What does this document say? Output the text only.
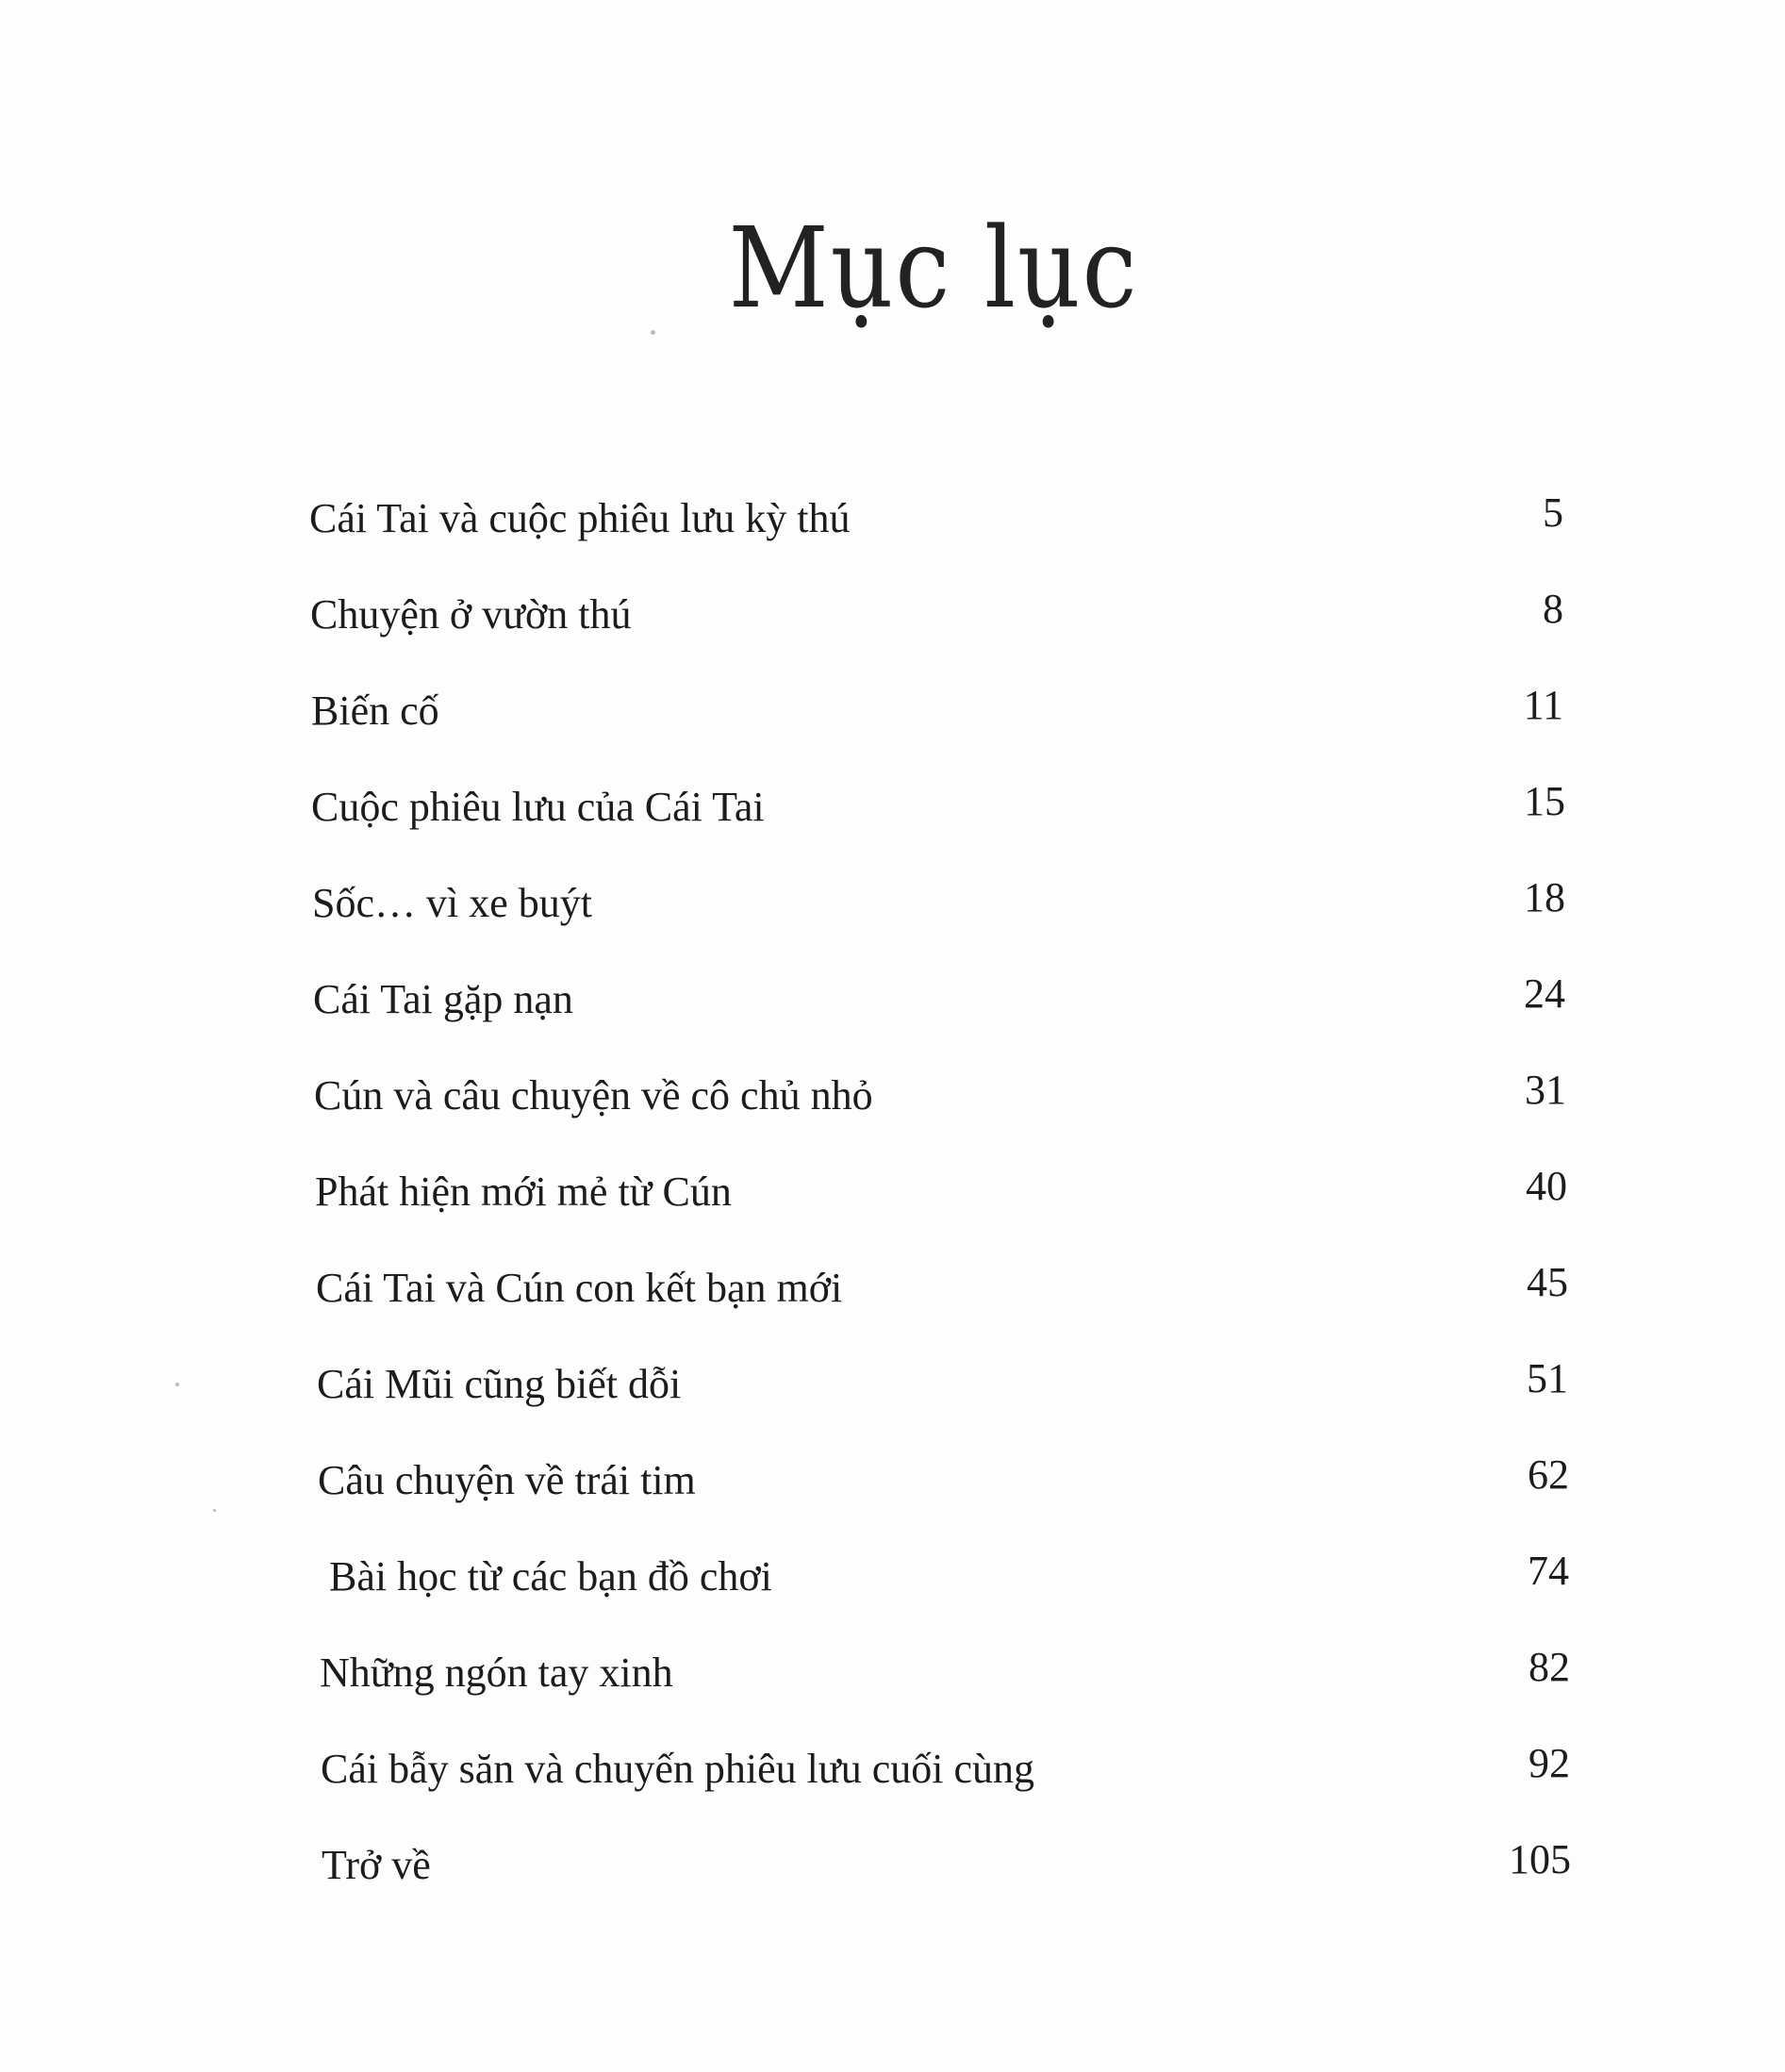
Mục lục
Cái Tai và cuộc phiêu lưu kỳ thú	5
Chuyện ở vườn thú	8
Biến cố	11
Cuộc phiêu lưu của Cái Tai	15
Sốc… vì xe buýt	18
Cái Tai gặp nạn	24
Cún và câu chuyện về cô chủ nhỏ	31
Phát hiện mới mẻ từ Cún	40
Cái Tai và Cún con kết bạn mới	45
Cái Mũi cũng biết dỗi	51
Câu chuyện về trái tim	62
Bài học từ các bạn đồ chơi	74
Những ngón tay xinh	82
Cái bẫy săn và chuyến phiêu lưu cuối cùng	92
Trở về	105
